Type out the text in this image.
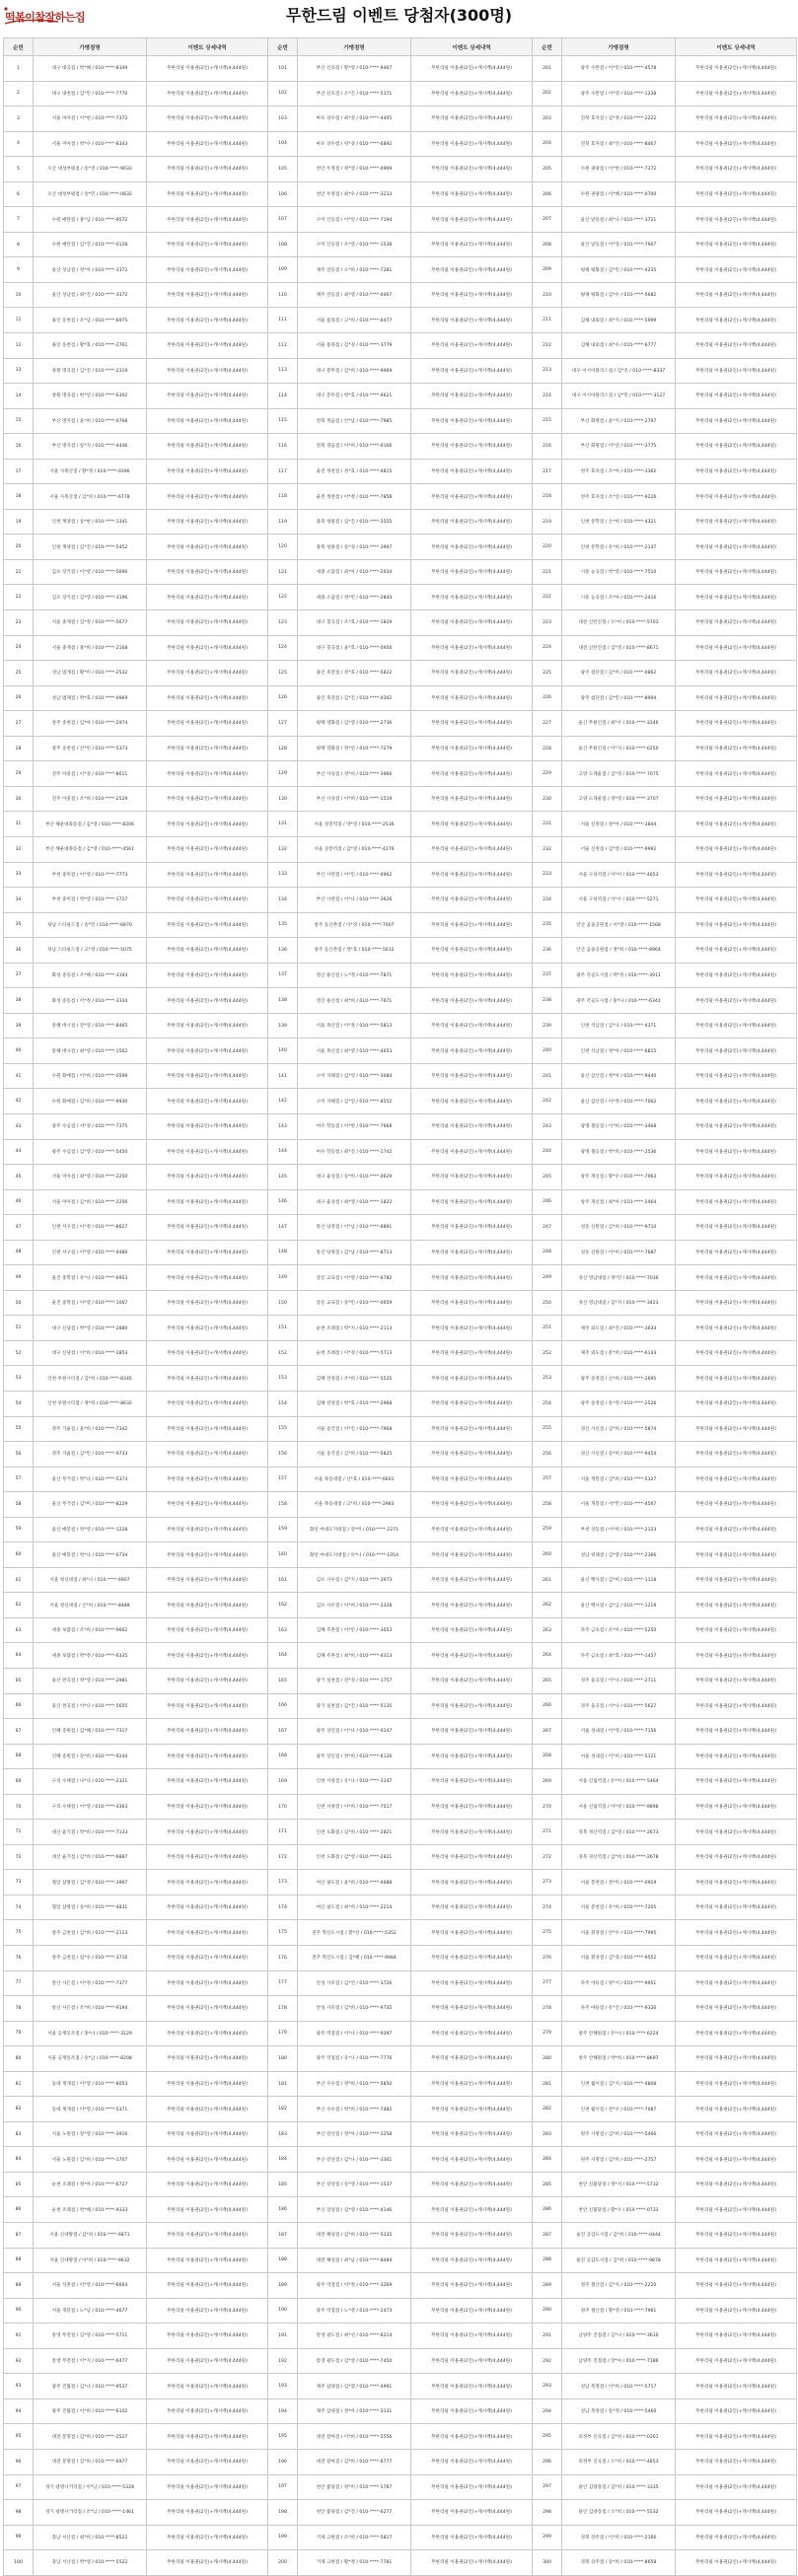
떡볶이참잘하는집	무한드림 이벤트 당첨자(300명)
순번	가맹점명	이벤트 상세내역	순번	가맹점명	이벤트 상세내역	순번	가맹점명	이벤트 상세내역
1	대구 대곡점 / 박*혜 / 010-****-8349	무한리필 이용권(2인)+캐시백(4,444원)	101	부산 신호점 / 황*영 / 010-****-9467	무한리필 이용권(2인)+캐시백(4,444원)	201	광주 수완점 / 이*빈 / 010-****-4578	무한리필 이용권(2인)+캐시백(4,444원)
2	대구 대천점 / 김*민 / 010-****-7770	무한리필 이용권(2인)+캐시백(4,444원)	102	부산 신호점 / 오*진 / 010-****-5371	무한리필 이용권(2인)+캐시백(4,444원)	202	광주 수완점 / 이*영 / 010-****-1238	무한리필 이용권(2인)+캐시백(4,444원)
3	서울 미아점 / 이*현 / 010-****-7372	무한리필 이용권(2인)+캐시백(4,444원)	103	마포 상수점 / 최*경 / 010-****-4405	무한리필 이용권(2인)+캐시백(4,444원)	203	전북 효자점 / 김*정 / 010-****-2222	무한리필 이용권(2인)+캐시백(4,444원)
4	서울 미아점 / 박*수 / 010-****-8343	무한리필 이용권(2인)+캐시백(4,444원)	104	마포 상수점 / 허*경 / 010-****-6892	무한리필 이용권(2인)+캐시백(4,444원)	204	전북 효자점 / 최*선 / 010-****-8467	무한리필 이용권(2인)+캐시백(4,444원)
5	오산 대성부평점 / 송*영 / 010-****-9033	무한리필 이용권(2인)+캐시백(4,444원)	105	천안 두정점 / 정*영 / 010-****-0909	무한리필 이용권(2인)+캐시백(4,444원)	205	수원 권광점 / 이*현 / 010-****-7372	무한리필 이용권(2인)+캐시백(4,444원)
6	오산 대성부평점 / 송*민 / 010-****-0832	무한리필 이용권(2인)+캐시백(4,444원)	106	천안 두정점 / 최*수 / 010-****-3233	무한리필 이용권(2인)+캐시백(4,444원)	206	수원 권광점 / 이*혜 / 010-****-0700	무한리필 이용권(2인)+캐시백(4,444원)
7	수원 매탄점 / 홍*남 / 010-****-9572	무한리필 이용권(2인)+캐시백(4,444원)	107	구미 인동점 / 이*연 / 010-****-7194	무한리필 이용권(2인)+캐시백(4,444원)	207	울산 달동점 / 최*나 / 010-****-3721	무한리필 이용권(2인)+캐시백(4,444원)
8	수원 매탄점 / 김*진 / 010-****-0128	무한리필 이용권(2인)+캐시백(4,444원)	108	구미 인동점 / 조*영 / 010-****-1538	무한리필 이용권(2인)+캐시백(4,444원)	208	울산 달동점 / 이*영 / 010-****-7907	무한리필 이용권(2인)+캐시백(4,444원)
9	울산 성남점 / 정*아 / 010-****-3372	무한리필 이용권(2인)+캐시백(4,444원)	109	제주 연동점 / 오*희 / 010-****-7281	무한리필 이용권(2인)+캐시백(4,444원)	209	평택 평화점 / 김*민 / 010-****-4235	무한리필 이용권(2인)+캐시백(4,444원)
10	울산 성남점 / 최*진 / 010-****-3372	무한리필 이용권(2인)+캐시백(4,444원)	110	제주 연동점 / 최*영 / 010-****-0467	무한리필 이용권(2인)+캐시백(4,444원)	210	평택 평화점 / 김*수 / 010-****-5682	무한리필 이용권(2인)+캐시백(4,444원)
11	용인 동천점 / 조*남 / 010-****-6975	무한리필 이용권(2인)+캐시백(4,444원)	111	서울 룸묵점 / 고*희 / 010-****-6477	무한리필 이용권(2인)+캐시백(4,444원)	211	김해 내외점 / 최*지 / 010-****-5999	무한리필 이용권(2인)+캐시백(4,444원)
12	용인 동천점 / 황*효 / 010-****-2761	무한리필 이용권(2인)+캐시백(4,444원)	112	서울 룸묵점 / 김*경 / 010-****-3779	무한리필 이용권(2인)+캐시백(4,444원)	212	김해 내외점 / 최*수 / 010-****-6777	무한리필 이용권(2인)+캐시백(4,444원)
13	창원 명곡점 / 김*진 / 010-****-2319	무한리필 이용권(2인)+캐시백(4,444원)	113	대구 봉무점 / 김*희 / 010-****-9969	무한리필 이용권(2인)+캐시백(4,444원)	213	대구 이시아폴리스점 / 김*진 / 010-****-8337	무한리필 이용권(2인)+캐시백(4,444원)
14	창원 명곡점 / 한*연 / 010-****-6302	무한리필 이용권(2인)+캐시백(4,444원)	114	대구 봉무점 / 박*효 / 010-****-4621	무한리필 이용권(2인)+캐시백(4,444원)	214	대구 이시아폴리스점 / 남*민 / 010-****-3127	무한리필 이용권(2인)+캐시백(4,444원)
15	부산 명지점 / 윤*희 / 010-****-0768	무한리필 이용권(2인)+캐시백(4,444원)	115	전북 정읍점 / 안*남 / 010-****-7985	무한리필 이용권(2인)+캐시백(4,444원)	215	부산 화명점 / 윤*지 / 010-****-2797	무한리필 이용권(2인)+캐시백(4,444원)
16	부산 명지점 / 송*지 / 010-****-4446	무한리필 이용권(2인)+캐시백(4,444원)	116	전북 정읍점 / 이*희 / 010-****-0166	무한리필 이용권(2인)+캐시백(4,444원)	216	부산 화명점 / 이*연 / 010-****-3775	무한리필 이용권(2인)+캐시백(4,444원)
17	서울 사북산점 / 황*정 / 010-****-0396	무한리필 이용권(2인)+캐시백(4,444원)	117	울전 정천점 / 정*효 / 010-****-4815	무한리필 이용권(2인)+캐시백(4,444원)	217	천주 효자점 / 조*아 / 010-****-3362	무한리필 이용권(2인)+캐시백(4,444원)
18	서울 사북산점 / 김*희 / 010-****-6778	무한리필 이용권(2인)+캐시백(4,444원)	118	울전 정천점 / 이*정 / 010-****-7858	무한리필 이용권(2인)+캐시백(4,444원)	218	천주 효자점 / 조*연 / 010-****-9226	무한리필 이용권(2인)+캐시백(4,444원)
19	인천 계양점 / 송*현 / 010-****-1341	무한리필 이용권(2인)+캐시백(4,444원)	119	용북 청룡점 / 김*진 / 010-****-3555	무한리필 이용권(2인)+캐시백(4,444원)	219	인천 문학점 / 손*희 / 010-****-4321	무한리필 이용권(2인)+캐시백(4,444원)
20	인천 계양점 / 김*진 / 010-****-5452	무한리필 이용권(2인)+캐시백(4,444원)	120	용북 청룡점 / 송*경 / 010-****-3997	무한리필 이용권(2인)+캐시백(4,444원)	220	인천 문학점 / 유*희 / 010-****-2137	무한리필 이용권(2인)+캐시백(4,444원)
21	김포 장기점 / 이*영 / 010-****-5690	무한리필 이용권(2인)+캐시백(4,444원)	121	세종 소담점 / 최*아 / 010-****-2034	무한리필 이용권(2인)+캐시백(4,444원)	221	시흥 능곡점 / 박*영 / 010-****-7510	무한리필 이용권(2인)+캐시백(4,444원)
22	김포 장기점 / 김*영 / 010-****-3196	무한리필 이용권(2인)+캐시백(4,444원)	122	세종 소담점 / 정*민 / 010-****-2844	무한리필 이용권(2인)+캐시백(4,444원)	222	시흥 능곡점 / 조*아 / 010-****-2416	무한리필 이용권(2인)+캐시백(4,444원)
23	서울 중계점 / 김*정 / 010-****-5677	무한리필 이용권(2인)+캐시백(4,444원)	123	대구 칠곡점 / 조*효 / 010-****-1829	무한리필 이용권(2인)+캐시백(4,444원)	223	대전 신탄진점 / 오*아 / 010-****-5703	무한리필 이용권(2인)+캐시백(4,444원)
24	서울 중계점 / 홍*희 / 010-****-2168	무한리필 이용권(2인)+캐시백(4,444원)	124	대구 칠곡점 / 윤*효 / 010-****-0956	무한리필 이용권(2인)+캐시백(4,444원)	224	대전 신탄진점 / 김*영 / 010-****-8671	무한리필 이용권(2인)+캐시백(4,444원)
25	성남 범계점 / 황*미 / 010-****-2532	무한리필 이용권(2인)+캐시백(4,444원)	125	용인 죽전점 / 정*효 / 010-****-5822	무한리필 이용권(2인)+캐시백(4,444원)	225	광주 첨단점 / 김*미 / 010-****-0862	무한리필 이용권(2인)+캐시백(4,444원)
26	성남 범계점 / 박*효 / 010-****-0969	무한리필 이용권(2인)+캐시백(4,444원)	126	용인 죽전점 / 김*진 / 010-****-0302	무한리필 이용권(2인)+캐시백(4,444원)	226	광주 첨단점 / 김*민 / 010-****-8994	무한리필 이용권(2인)+캐시백(4,444원)
27	창주 송천점 / 임*아 / 010-****-2974	무한리필 이용권(2인)+캐시백(4,444원)	127	평택 영화점 / 김*영 / 010-****-2736	무한리필 이용권(2인)+캐시백(4,444원)	227	울산 무룡인점 / 최*수 / 010-****-3346	무한리필 이용권(2인)+캐시백(4,444원)
28	창주 송천점 / 산*민 / 010-****-5373	무한리필 이용권(2인)+캐시백(4,444원)	128	평택 영화점 / 정*연 / 010-****-7279	무한리필 이용권(2인)+캐시백(4,444원)	228	울산 무룡인점 / 이*지 / 010-****-6250	무한리필 이용권(2인)+캐시백(4,444원)
29	전주 아중점 / 이*경 / 010-****-8611	무한리필 이용권(2인)+캐시백(4,444원)	129	부산 사상점 / 정*희 / 010-****-3966	무한리필 이용권(2인)+캐시백(4,444원)	229	고양 도래울점 / 김*영 / 010-****-7075	무한리필 이용권(2인)+캐시백(4,444원)
30	전주 아중점 / 조*희 / 010-****-2529	무한리필 이용권(2인)+캐시백(4,444원)	130	부산 사상점 / 이*희 / 010-****-1519	무한리필 이용권(2인)+캐시백(4,444원)	230	고양 도래울점 / 정*영 / 010-****-3707	무한리필 이용권(2인)+캐시백(4,444원)
31	부산 해운대좌동점 / 김*영 / 010-****-8206	무한리필 이용권(2인)+캐시백(4,444원)	131	서울 상봉역점 / 박*영 / 010-****-2536	무한리필 이용권(2인)+캐시백(4,444원)	231	서울 신정점 / 정*아 / 010-****-3844	무한리필 이용권(2인)+캐시백(4,444원)
32	부산 해운대좌동점 / 김*영 / 010-****-4561	무한리필 이용권(2인)+캐시백(4,444원)	132	서울 상봉역점 / 김*영 / 010-****-4276	무한리필 이용권(2인)+캐시백(4,444원)	232	서울 신정점 / 김*영 / 010-****-9992	무한리필 이용권(2인)+캐시백(4,444원)
33	부천 중미점 / 이*영 / 010-****-7773	무한리필 이용권(2인)+캐시백(4,444원)	133	부산 사면점 / 이*민 / 010-****-0962	무한리필 이용권(2인)+캐시백(4,444원)	233	서울 구의역점 / 이*아 / 010-****-4653	무한리필 이용권(2인)+캐시백(4,444원)
34	부천 중미점 / 박*영 / 010-****-1727	무한리필 이용권(2인)+캐시백(4,444원)	134	부산 사면점 / 이*나 / 010-****-3626	무한리필 이용권(2인)+캐시백(4,444원)	234	서울 구의역점 / 이*수 / 010-****-5271	무한리필 이용권(2인)+캐시백(4,444원)
35	하남 스타필드점 / 송*민 / 010-****-6870	무한리필 이용권(2인)+캐시백(4,444원)	135	창주 동산촌점 / 이*경 / 010-****-7007	무한리필 이용권(2인)+캐시백(4,444원)	235	안산 곰솔공원점 / 이*영 / 010-****-1568	무한리필 이용권(2인)+캐시백(4,444원)
36	하남 스타필드점 / 고*정 / 010-****-5075	무한리필 이용권(2인)+캐시백(4,444원)	136	창주 동산촌점 / 정*효 / 010-****-5612	무한리필 이용권(2인)+캐시백(4,444원)	236	안산 곰솔공원점 / 정*희 / 010-****-8964	무한리필 이용권(2인)+캐시백(4,444원)
37	화성 송동점 / 조*혜 / 010-****-3193	무한리필 이용권(2인)+캐시백(4,444원)	137	영산 용산점 / 노*정 / 010-****-7871	무한리필 이용권(2인)+캐시백(4,444원)	237	광주 각골도시점 / 박*경 / 010-****-3911	무한리필 이용권(2인)+캐시백(4,444원)
38	화성 송동점 / 이*정 / 010-****-3334	무한리필 이용권(2인)+캐시백(4,444원)	138	영산 용산점 / 최*희 / 010-****-7671	무한리필 이용권(2인)+캐시백(4,444원)	238	광주 각골도시점 / 홍*나 / 010-****-6341	무한리필 이용권(2인)+캐시백(4,444원)
39	통해 데시점 / 강*영 / 010-****-8465	무한리필 이용권(2인)+캐시백(4,444원)	139	서울 목산점 / 이*정 / 010-****-5813	무한리필 이용권(2인)+캐시백(4,444원)	239	인천 석남점 / 김*나 / 010-****-4371	무한리필 이용권(2인)+캐시백(4,444원)
40	통해 데시점 / 최*영 / 010-****-1562	무한리필 이용권(2인)+캐시백(4,444원)	140	서울 목산점 / 최*영 / 010-****-4653	무한리필 이용권(2인)+캐시백(4,444원)	240	인천 석남점 / 정*아 / 010-****-6815	무한리필 이용권(2인)+캐시백(4,444원)
41	수원 화매점 / 이*희 / 010-****-0599	무한리필 이용권(2인)+캐시백(4,444원)	141	구미 지헤점 / 김*연 / 010-****-3084	무한리필 이용권(2인)+캐시백(4,444원)	241	울산 삼산점 / 정*아 / 010-****-9440	무한리필 이용권(2인)+캐시백(4,444원)
42	수원 화매점 / 김*희 / 010-****-9930	무한리필 이용권(2인)+캐시백(4,444원)	142	구미 지헤점 / 김*연 / 010-****-8552	무한리필 이용권(2인)+캐시백(4,444원)	242	울산 삼산점 / 이*정 / 010-****-7062	무한리필 이용권(2인)+캐시백(4,444원)
43	광주 수심점 / 서*경 / 010-****-7375	무한리필 이용권(2인)+캐시백(4,444원)	143	여수 학동점 / 이*현 / 010-****-7668	무한리필 이용권(2인)+캐시백(4,444원)	243	광명 철옹점 / 이*희 / 010-****-3468	무한리필 이용권(2인)+캐시백(4,444원)
44	광주 수심점 / 김*영 / 010-****-5450	무한리필 이용권(2인)+캐시백(4,444원)	144	여수 학동점 / 최*진 / 010-****-1742	무한리필 이용권(2인)+캐시백(4,444원)	244	광명 철옹점 / 박*희 / 010-****-2536	무한리필 이용권(2인)+캐시백(4,444원)
45	서울 미아점 / 최*영 / 010-****-2250	무한리필 이용권(2인)+캐시백(4,444원)	145	대구 율상점 / 송*희 / 010-****-0629	무한리필 이용권(2인)+캐시백(4,444원)	245	창주 개신점 / 황*수 / 010-****-7963	무한리필 이용권(2인)+캐시백(4,444원)
46	서울 미아점 / 김*희 / 010-****-2256	무한리필 이용권(2인)+캐시백(4,444원)	146	대구 율상점 / 최*영 / 010-****-1822	무한리필 이용권(2인)+캐시백(4,444원)	246	창주 개신점 / 최*아 / 010-****-2464	무한리필 이용권(2인)+캐시백(4,444원)
47	인천 서구점 / 이*정 / 010-****-8627	무한리필 이용권(2인)+캐시백(4,444원)	147	통산 당정점 / 이*남 / 010-****-6891	무한리필 이용권(2인)+캐시백(4,444원)	247	성동 신원점 / 김*희 / 010-****-9710	무한리필 이용권(2인)+캐시백(4,444원)
48	인천 서구점 / 이*영 / 010-****-4480	무한리필 이용권(2인)+캐시백(4,444원)	148	통산 당정점 / 김*남 / 010-****-8713	무한리필 이용권(2인)+캐시백(4,444원)	248	성동 신원점 / 이*미 / 010-****-7687	무한리필 이용권(2인)+캐시백(4,444원)
49	울진 중학점 / 유*나 / 010-****-6953	무한리필 이용권(2인)+캐시백(4,444원)	149	강릉 교육점 / 이*영 / 010-****-6782	무한리필 이용권(2인)+캐시백(4,444원)	249	경산 영남대점 / 정*민 / 010-****-7036	무한리필 이용권(2인)+캐시백(4,444원)
50	울진 중학점 / 이*영 / 010-****-1067	무한리필 이용권(2인)+캐시백(4,444원)	150	강릉 교육점 / 송*민 / 010-****-0659	무한리필 이용권(2인)+캐시백(4,444원)	250	경산 영남대점 / 김*지 / 010-****-3423	무한리필 이용권(2인)+캐시백(4,444원)
51	대구 신당점 / 박*영 / 010-****-2880	무한리필 이용권(2인)+캐시백(4,444원)	151	순천 조례점 / 박*지 / 010-****-2113	무한리필 이용권(2인)+캐시백(4,444원)	251	제주 외도점 / 최*진 / 010-****-3633	무한리필 이용권(2인)+캐시백(4,444원)
52	대구 신당점 / 이*희 / 010-****-2853	무한리필 이용권(2인)+캐시백(4,444원)	152	순천 조례점 / 이*경 / 010-****-5713	무한리필 이용권(2인)+캐시백(4,444원)	252	제주 외도점 / 문*희 / 010-****-6143	무한리필 이용권(2인)+캐시백(4,444원)
53	인천 루원시티점 / 김*희 / 010-****-8345	무한리필 이용권(2인)+캐시백(4,444원)	153	김해 연청점 / 조*희 / 010-****-5535	무한리필 이용권(2인)+캐시백(4,444원)	253	광주 송정점 / 신*희 / 010-****-2695	무한리필 이용권(2인)+캐시백(4,444원)
54	인천 루원시티점 / 정*희 / 010-****-8632	무한리필 이용권(2인)+캐시백(4,444원)	154	김해 연청점 / 박*효 / 010-****-2968	무한리필 이용권(2인)+캐시백(4,444원)	254	광주 송정점 / 유*정 / 010-****-2526	무한리필 이용권(2인)+캐시백(4,444원)
55	정주 가율점 / 윤*희 / 010-****-7342	무한리필 이용권(2인)+캐시백(4,444원)	155	서울 송국점 / 이*진 / 010-****-7968	무한리필 이용권(2인)+캐시백(4,444원)	255	경산 사신점 / 김*희 / 010-****-5874	무한리필 이용권(2인)+캐시백(4,444원)
56	정주 가율점 / 김*민 / 010-****-9733	무한리필 이용권(2인)+캐시백(4,444원)	156	서울 송국점 / 김*희 / 010-****-5825	무한리필 이용권(2인)+캐시백(4,444원)	256	경산 사신점 / 송*희 / 010-****-9454	무한리필 이용권(2인)+캐시백(4,444원)
57	울산 무거점 / 박*나 / 010-****-5373	무한리필 이용권(2인)+캐시백(4,444원)	157	서울 목동대점 / 신*효 / 010-****-6601	무한리필 이용권(2인)+캐시백(4,444원)	257	서울 개봉점 / 김*희 / 010-****-5127	무한리필 이용권(2인)+캐시백(4,444원)
58	울산 무거점 / 김*미 / 010-****-8229	무한리필 이용권(2인)+캐시백(4,444원)	158	서울 목동대점 / 고*희 / 010-****-2983	무한리필 이용권(2인)+캐시백(4,444원)	258	서울 개봉점 / 서*민 / 010-****-4567	무한리필 이용권(2인)+캐시백(4,444원)
59	울산 매봉점 / 박*영 / 010-****-1228	무한리필 이용권(2인)+캐시백(4,444원)	159	화연 마대도지대점 / 장*미 / 010-****-2271	무한리필 이용권(2인)+캐시백(4,444원)	259	부천 상동점 / 이*희 / 010-****-2123	무한리필 이용권(2인)+캐시백(4,444원)
60	울산 매봉점 / 박*나 / 010-****-0734	무한리필 이용권(2인)+캐시백(4,444원)	160	화연 마대도지대점 / 이*나 / 010-****-1054	무한리필 이용권(2인)+캐시백(4,444원)	260	성남 위례점 / 김*영 / 010-****-2366	무한리필 이용권(2인)+캐시백(4,444원)
61	서울 청신대점 / 최*나 / 010-****-6907	무한리필 이용권(2인)+캐시백(4,444원)	161	김포 사우점 / 김*지 / 010-****-3973	무한리필 이용권(2인)+캐시백(4,444원)	261	울산 백사점 / 김*희 / 010-****-1118	무한리필 이용권(2인)+캐시백(4,444원)
62	서울 청신대점 / 손*희 / 010-****-8489	무한리필 이용권(2인)+캐시백(4,444원)	162	김포 사우점 / 이*희 / 010-****-3328	무한리필 이용권(2인)+캐시백(4,444원)	262	울산 백사점 / 김*남 / 010-****-1219	무한리필 이용권(2인)+캐시백(4,444원)
63	세종 보람점 / 조*희 / 010-****-9662	무한리필 이용권(2인)+캐시백(4,444원)	163	김해 주촌점 / 이*민 / 010-****-3053	무한리필 이용권(2인)+캐시백(4,444원)	263	파주 금초점 / 조*아 / 010-****-5250	무한리필 이용권(2인)+캐시백(4,444원)
64	세종 보람점 / 박*정 / 010-****-6335	무한리필 이용권(2인)+캐시백(4,444원)	164	김해 주촌점 / 최*희 / 010-****-4313	무한리필 이용권(2인)+캐시백(4,444원)	264	파주 금초점 / 최*효 / 010-****-1457	무한리필 이용권(2인)+캐시백(4,444원)
65	울산 천곡점 / 정*영 / 010-****-2981	무한리필 이용권(2인)+캐시백(4,444원)	165	광기 실천점 / 전*경 / 010-****-1757	무한리필 이용권(2인)+캐시백(4,444원)	265	경주 을곡점 / 이*나 / 010-****-2711	무한리필 이용권(2인)+캐시백(4,444원)
66	울산 천곡점 / 이*나 / 010-****-5655	무한리필 이용권(2인)+캐시백(4,444원)	166	광기 실천점 / 김*진 / 010-****-5135	무한리필 이용권(2인)+캐시백(4,444원)	266	경주 을곡점 / 이*나 / 010-****-5627	무한리필 이용권(2인)+캐시백(4,444원)
67	인해 송원점 / 김*혜 / 010-****-7317	무한리필 이용권(2인)+캐시백(4,444원)	167	광주 상인점 / 이*나 / 010-****-4147	무한리필 이용권(2인)+캐시백(4,444원)	267	서울 성내점 / 이*영 / 010-****-7156	무한리필 이용권(2인)+캐시백(4,444원)
68	인해 송원점 / 강*희 / 010-****-9244	무한리필 이용권(2인)+캐시백(4,444원)	168	광주 상인점 / 정*희 / 010-****-6126	무한리필 이용권(2인)+캐시백(4,444원)	268	서울 성내점 / 이*희 / 010-****-5121	무한리필 이용권(2인)+캐시백(4,444원)
69	구리 수택점 / 나*나 / 010-****-2321	무한리필 이용권(2인)+캐시백(4,444원)	169	인천 서창점 / 유*나 / 010-****-3147	무한리필 이용권(2인)+캐시백(4,444원)	269	서울 신림역점 / 유*아 / 010-****-5464	무한리필 이용권(2인)+캐시백(4,444원)
70	구리 수택점 / 이*영 / 010-****-4363	무한리필 이용권(2인)+캐시백(4,444원)	170	인천 서창점 / 이*희 / 010-****-7517	무한리필 이용권(2인)+캐시백(4,444원)	270	서울 신림역점 / 이*영 / 010-****-9898	무한리필 이용권(2인)+캐시백(4,444원)
71	대산 율기점 / 박*희 / 010-****-7133	무한리필 이용권(2인)+캐시백(4,444원)	171	인천 도화점 / 김*희 / 010-****-2821	무한리필 이용권(2인)+캐시백(4,444원)	271	경북 경산역점 / 김*영 / 010-****-2673	무한리필 이용권(2인)+캐시백(4,444원)
72	대산 율기점 / 김*희 / 010-****-6887	무한리필 이용권(2인)+캐시백(4,444원)	172	인천 도화점 / 김*영 / 010-****-2821	무한리필 이용권(2인)+캐시백(4,444원)	272	경북 경산역점 / 김*희 / 010-****-2678	무한리필 이용권(2인)+캐시백(4,444원)
73	철암 삼방점 / 김*정 / 010-****-3997	무한리필 이용권(2인)+캐시백(4,444원)	173	여산 필도점 / 윤*희 / 010-****-4688	무한리필 이용권(2인)+캐시백(4,444원)	273	서울 봉천점 / 정*미 / 010-****-0919	무한리필 이용권(2인)+캐시백(4,444원)
74	철암 삼방점 / 송*희 / 010-****-4831	무한리필 이용권(2인)+캐시백(4,444원)	174	여산 필도점 / 최*희 / 010-****-2214	무한리필 이용권(2인)+캐시백(4,444원)	274	서울 봉천점 / 유*희 / 010-****-7205	무한리필 이용권(2인)+캐시백(4,444원)
75	창주 금천점 / 김*희 / 010-****-2113	무한리필 이용권(2인)+캐시백(4,444원)	175	전주 혁신도시점 / 환*선 / 010-****-5352	무한리필 이용권(2인)+캐시백(4,444원)	275	서울 휘경점 / 안*수 / 010-****-7995	무한리필 이용권(2인)+캐시백(4,444원)
76	창주 금천점 / 엄*수 / 010-****-3716	무한리필 이용권(2인)+캐시백(4,444원)	176	전주 혁신도시점 / 김*혜 / 010-****-9984	무한리필 이용권(2인)+캐시백(4,444원)	276	서울 휘경점 / 김*경 / 010-****-9552	무한리필 이용권(2인)+캐시백(4,444원)
77	통산 사은점 / 이*정 / 010-****-7377	무한리필 이용권(2인)+캐시백(4,444원)	177	안성 사모점 / 김*연 / 010-****-3726	무한리필 이용권(2인)+캐시백(4,444원)	277	파주 야둥점 / 양*서 / 010-****-9951	무한리필 이용권(2인)+캐시백(4,444원)
78	통산 사은점 / 조*희 / 010-****-9194	무한리필 이용권(2인)+캐시백(4,444원)	178	안성 사모점 / 김*희 / 010-****-9735	무한리필 이용권(2인)+캐시백(4,444원)	278	파주 야둥점 / 유*진 / 010-****-9326	무한리필 이용권(2인)+캐시백(4,444원)
79	서울 응재동조점 / 홍*나 / 010-****-3129	무한리필 이용권(2인)+캐시백(4,444원)	179	광주 역점점 / 이*나 / 010-****-9397	무한리필 이용권(2인)+캐시백(4,444원)	279	창주 안해원점 / 유*나 / 010-****-6224	무한리필 이용권(2인)+캐시백(4,444원)
80	서울 응재동조점 / 송*남 / 010-****-8208	무한리필 이용권(2인)+캐시백(4,444원)	180	광주 역점점 / 유*나 / 010-****-7776	무한리필 이용권(2인)+캐시백(4,444원)	280	창주 안해원점 / 박*희 / 010-****-8697	무한리필 이용권(2인)+캐시백(4,444원)
81	동대 재개점 / 이*영 / 010-****-8053	무한리필 이용권(2인)+캐시백(4,444원)	181	부산 수우점 / 정*희 / 010-****-5850	무한리필 이용권(2인)+캐시백(4,444원)	281	인천 월이점 / 김*지 / 010-****-4808	무한리필 이용권(2인)+캐시백(4,444원)
82	동대 재개점 / 이*영 / 010-****-5371	무한리필 이용권(2인)+캐시백(4,444원)	182	부산 수우점 / 박*희 / 010-****-7482	무한리필 이용권(2인)+캐시백(4,444원)	282	인천 월이점 / 전*우 / 010-****-7087	무한리필 이용권(2인)+캐시백(4,444원)
83	서울 노원점 / 장*영 / 010-****-3916	무한리필 이용권(2인)+캐시백(4,444원)	183	부산 강선점 / 정*아 / 010-****-3258	무한리필 이용권(2인)+캐시백(4,444원)	283	원주 사명점 / 김*희 / 010-****-5466	무한리필 이용권(2인)+캐시백(4,444원)
84	서울 노원점 / 김*희 / 010-****-1707	무한리필 이용권(2인)+캐시백(4,444원)	184	부산 강선점 / 김*나 / 010-****-3301	무한리필 이용권(2인)+캐시백(4,444원)	284	원주 사명점 / 김*희 / 010-****-2757	무한리필 이용권(2인)+캐시백(4,444원)
85	순천 조례점 / 정*아 / 010-****-6727	무한리필 이용권(2인)+캐시백(4,444원)	185	부산 장상점 / 송*영 / 010-****-1537	무한리필 이용권(2인)+캐시백(4,444원)	285	천안 신불당점 / 정*서 / 010-****-5732	무한리필 이용권(2인)+캐시백(4,444원)
86	순천 조례점 / 박*혜 / 010-****-9333	무한리필 이용권(2인)+캐시백(4,444원)	186	부산 장상점 / 김*영 / 010-****-4146	무한리필 이용권(2인)+캐시백(4,444원)	286	천안 신불당점 / 황*수 / 010-****-0733	무한리필 이용권(2인)+캐시백(4,444원)
87	서울 신대방점 / 김*희 / 010-****-6871	무한리필 이용권(2인)+캐시백(4,444원)	187	대전 해성점 / 김*희 / 010-****-5335	무한리필 이용권(2인)+캐시백(4,444원)	287	울진 공감도시점 / 김*희 / 010-****-0444	무한리필 이용권(2인)+캐시백(4,444원)
88	서울 신대방점 / 이*희 / 010-****-9632	무한리필 이용권(2인)+캐시백(4,444원)	188	대전 해성점 / 최*남 / 010-****-8484	무한리필 이용권(2인)+캐시백(4,444원)	288	울진 공감도시점 / 김*희 / 010-****-9878	무한리필 이용권(2인)+캐시백(4,444원)
89	서울 석촌점 / 이*영 / 010-****-6664	무한리필 이용권(2인)+캐시백(4,444원)	189	광주 역점점 / 이*정 / 010-****-3269	무한리필 이용권(2인)+캐시백(4,444원)	289	정주 철산점 / 김*지 / 010-****-2210	무한리필 이용권(2인)+캐시백(4,444원)
90	서울 개봉점 / 노*남 / 010-****-4677	무한리필 이용권(2인)+캐시백(4,444원)	190	광주 역점점 / 노*정 / 010-****-2473	무한리필 이용권(2인)+캐시백(4,444원)	290	정주 철산점 / 황*영 / 010-****-7961	무한리필 이용권(2인)+캐시백(4,444원)
91	통영 무전점 / 김*영 / 010-****-5711	무한리필 이용권(2인)+캐시백(4,444원)	191	통영 광도점 / 최*선 / 010-****-6214	무한리필 이용권(2인)+캐시백(4,444원)	291	남양주 진접점 / 김*나 / 010-****-3610	무한리필 이용권(2인)+캐시백(4,444원)
92	통영 무전점 / 이*지 / 010-****-6477	무한리필 이용권(2인)+캐시백(4,444원)	192	통영 광도점 / 김*영 / 010-****-7450	무한리필 이용권(2인)+캐시백(4,444원)	292	남양주 진접점 / 장*아 / 010-****-7186	무한리필 이용권(2인)+캐시백(4,444원)
93	광주 진월점 / 김*나 / 010-****-9537	무한리필 이용권(2인)+캐시백(4,444원)	193	제주 삼양점 / 김*영 / 010-****-4991	무한리필 이용권(2인)+캐시백(4,444원)	293	성남 복정점 / 이*희 / 010-****-5717	무한리필 이용권(2인)+캐시백(4,444원)
94	광주 진월점 / 이*희 / 010-****-6102	무한리필 이용권(2인)+캐시백(4,444원)	194	제주 삼양점 / 정*아 / 010-****-3131	무한리필 이용권(2인)+캐시백(4,444원)	294	성남 복정점 / 송*정 / 010-****-5460	무한리필 이용권(2인)+캐시백(4,444원)
95	대전 봉명점 / 김*희 / 010-****-2527	무한리필 이용권(2인)+캐시백(4,444원)	195	대전 갈마점 / 이*희 / 010-****-5556	무한리필 이용권(2인)+캐시백(4,444원)	295	의정부 신곡점 / 김*희 / 010-****-0261	무한리필 이용권(2인)+캐시백(4,444원)
96	대전 봉명점 / 김*희 / 010-****-6977	무한리필 이용권(2인)+캐시백(4,444원)	196	대전 갈마점 / 김*희 / 010-****-6777	무한리필 이용권(2인)+캐시백(4,444원)	296	의정부 신곡점 / 오*희 / 010-****-4853	무한리필 이용권(2인)+캐시백(4,444원)
97	경기 광명사거리점 / 이*남 / 010-****-5328	무한리필 이용권(2인)+캐시백(4,444원)	197	천안 불당점 / 정*미 / 010-****-1787	무한리필 이용권(2인)+캐시백(4,444원)	297	용인 김량장점 / 김*희 / 010-****-3335	무한리필 이용권(2인)+캐시백(4,444원)
98	경기 광명사거리점 / 조*남 / 010-****-1461	무한리필 이용권(2인)+캐시백(4,444원)	198	천안 불당점 / 김*진 / 010-****-6277	무한리필 이용권(2인)+캐시백(4,444원)	298	용인 김량장점 / 오*희 / 010-****-5532	무한리필 이용권(2인)+캐시백(4,444원)
99	충남 서산점 / 최*희 / 010-****-8522	무한리필 이용권(2인)+캐시백(4,444원)	199	거제 고현점 / 조*희 / 010-****-5817	무한리필 이용권(2인)+캐시백(4,444원)	299	경북 상주점 / 이*희 / 010-****-2166	무한리필 이용권(2인)+캐시백(4,444원)
100	충남 서산점 / 박*영 / 010-****-5522	무한리필 이용권(2인)+캐시백(4,444원)	200	거제 고현점 / 황*정 / 010-****-7781	무한리필 이용권(2인)+캐시백(4,444원)	300	경북 상주점 / 송*희 / 010-****-8658	무한리필 이용권(2인)+캐시백(4,444원)
